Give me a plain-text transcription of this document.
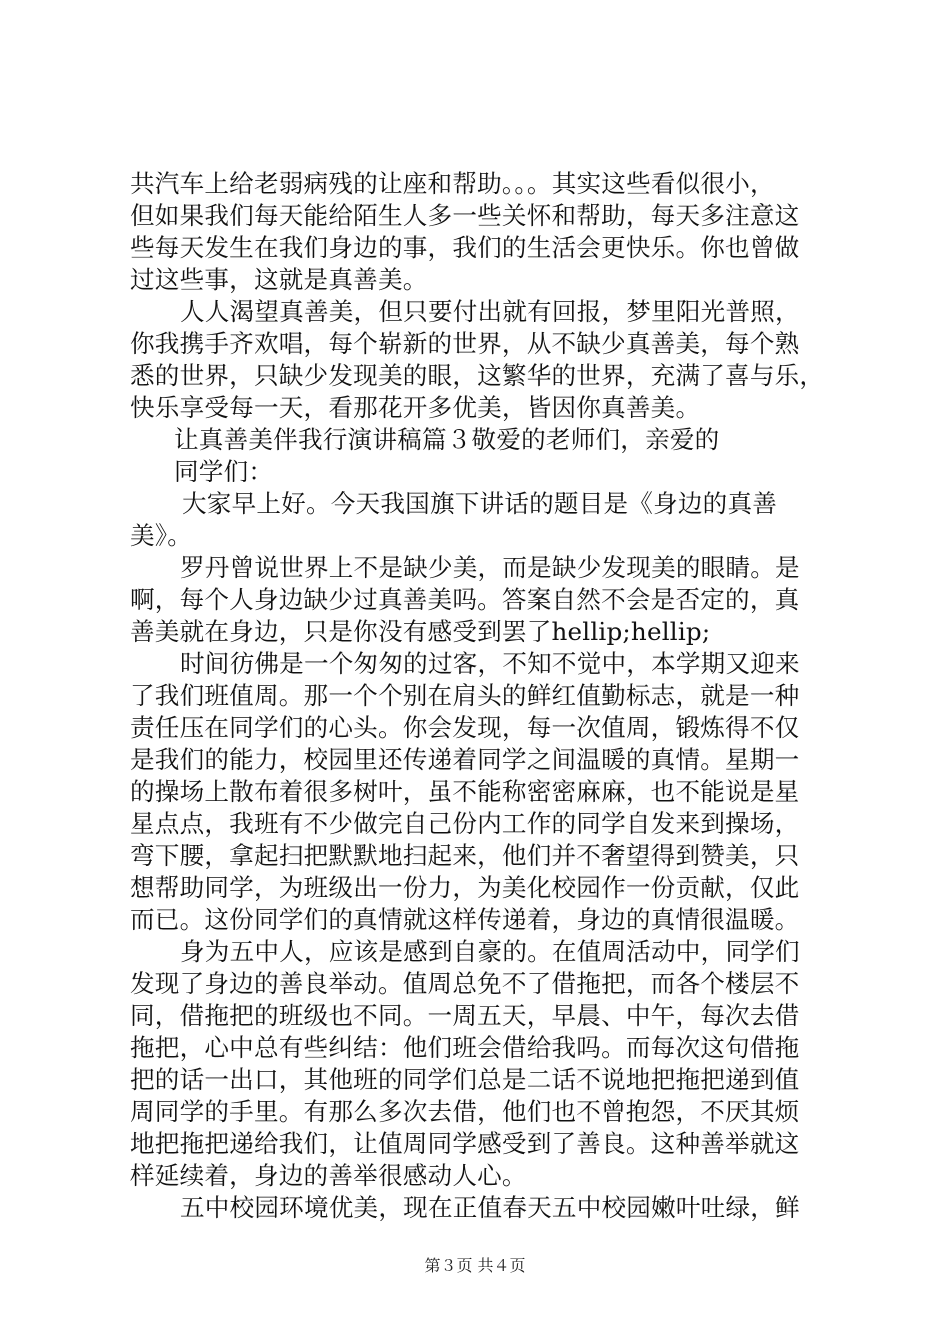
共汽车上给老弱病残的让座和帮助。。。其实这些看似很小，
但如果我们每天能给陌生人多一些关怀和帮助，每天多注意这
些每天发生在我们身边的事，我们的生活会更快乐。你也曾做
过这些事，这就是真善美。
人人渴望真善美，但只要付出就有回报，梦里阳光普照，
你我携手齐欢唱，每个崭新的世界，从不缺少真善美，每个熟
悉的世界，只缺少发现美的眼，这繁华的世界，充满了喜与乐，
快乐享受每一天，看那花开多优美，皆因你真善美。
让真善美伴我行演讲稿篇３敬爱的老师们，亲爱的
同学们：
大家早上好。今天我国旗下讲话的题目是《身边的真善
美》。
罗丹曾说世界上不是缺少美，而是缺少发现美的眼睛。是
啊，每个人身边缺少过真善美吗。答案自然不会是否定的，真
善美就在身边，只是你没有感受到罢了hellip;hellip;
时间彷佛是一个匆匆的过客，不知不觉中，本学期又迎来
了我们班值周。那一个个别在肩头的鲜红值勤标志，就是一种
责任压在同学们的心头。你会发现，每一次值周，锻炼得不仅
是我们的能力，校园里还传递着同学之间温暖的真情。星期一
的操场上散布着很多树叶，虽不能称密密麻麻，也不能说是星
星点点，我班有不少做完自己份内工作的同学自发来到操场，
弯下腰，拿起扫把默默地扫起来，他们并不奢望得到赞美，只
想帮助同学，为班级出一份力，为美化校园作一份贡献，仅此
而已。这份同学们的真情就这样传递着，身边的真情很温暖。
身为五中人，应该是感到自豪的。在值周活动中，同学们
发现了身边的善良举动。值周总免不了借拖把，而各个楼层不
同，借拖把的班级也不同。一周五天，早晨、中午，每次去借
拖把，心中总有些纠结：他们班会借给我吗。而每次这句借拖
把的话一出口，其他班的同学们总是二话不说地把拖把递到值
周同学的手里。有那么多次去借，他们也不曾抱怨，不厌其烦
地把拖把递给我们，让值周同学感受到了善良。这种善举就这
样延续着，身边的善举很感动人心。
五中校园环境优美，现在正值春天五中校园嫩叶吐绿，鲜
第３页 共４页
